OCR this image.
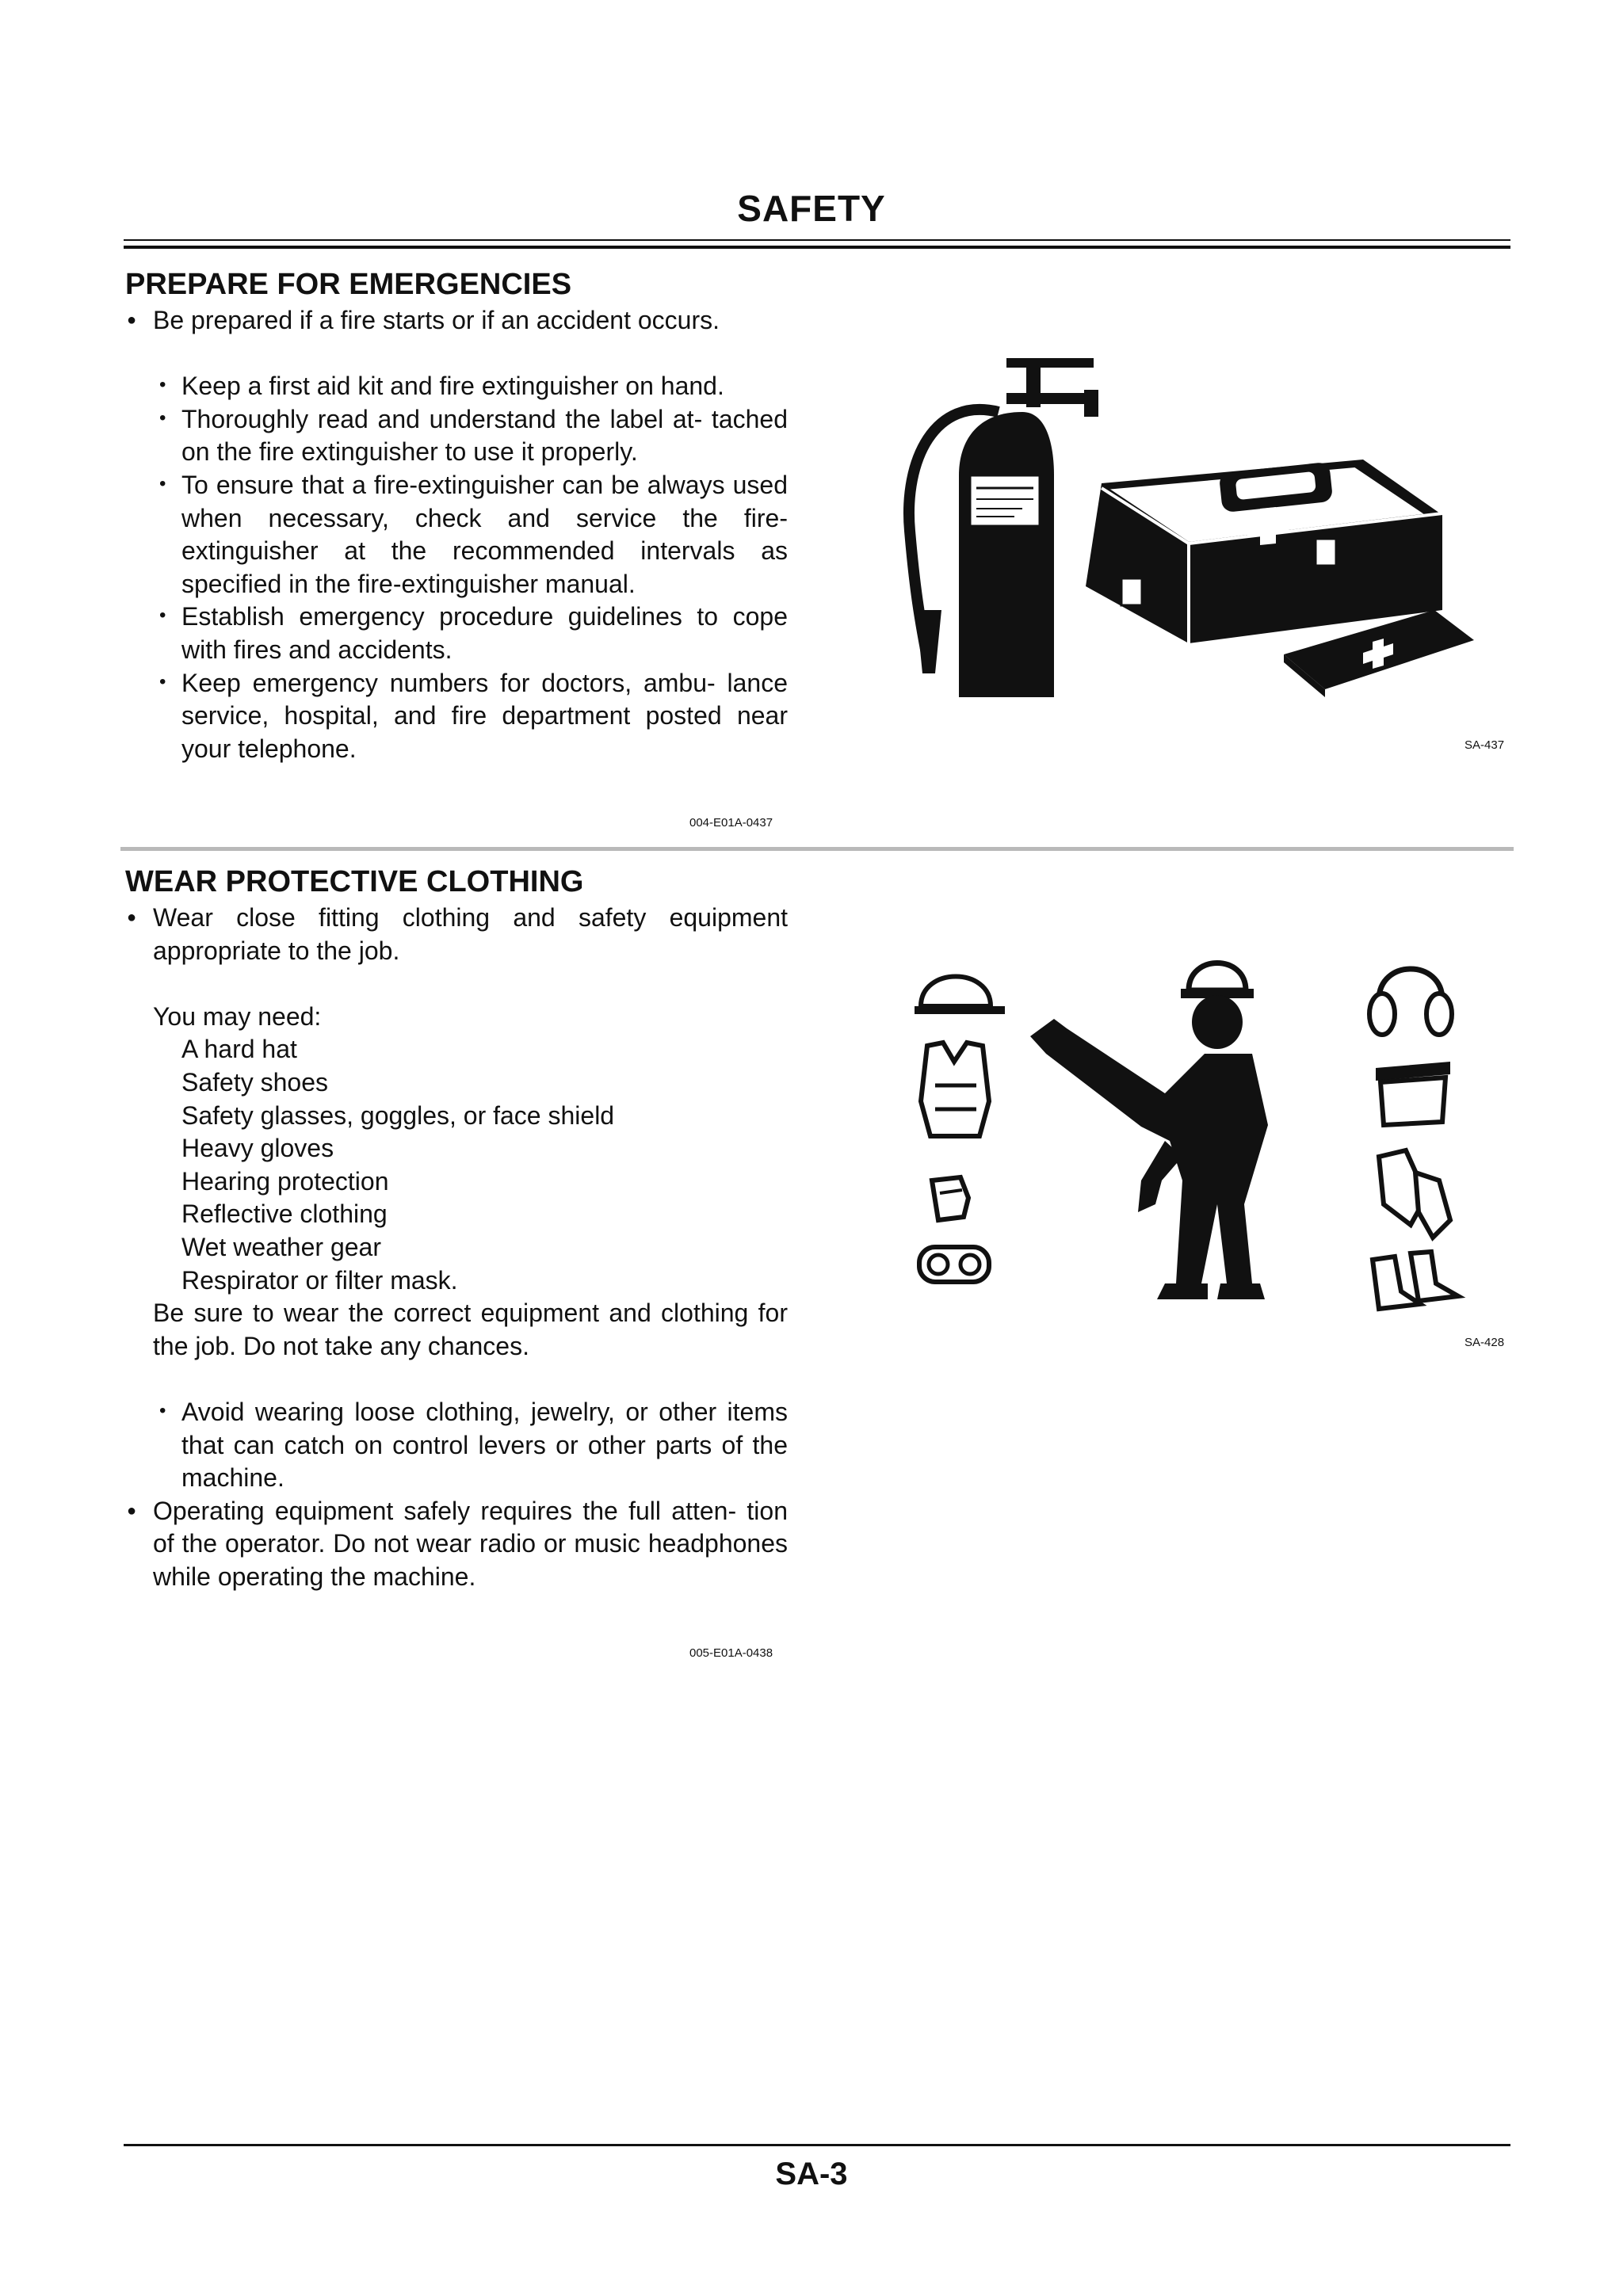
SAFETY
PREPARE FOR EMERGENCIES

● Be prepared if a fire starts or if an accident occurs.

• Keep a first aid kit and fire extinguisher on hand.

• Thoroughly read and understand the label at- tached on the fire extinguisher to use it properly.

• To ensure that a fire-extinguisher can be always used when necessary, check and service the fire-extinguisher at the recommended intervals as specified in the fire-extinguisher manual.

• Establish emergency procedure guidelines to cope with fires and accidents.

• Keep emergency numbers for doctors, ambu- lance service, hospital, and fire department posted near your telephone.	SA-437
004-E01A-0437
WEAR PROTECTIVE CLOTHING

● Wear close fitting clothing and safety equipment appropriate to the job.

You may need:

A hard hat

Safety shoes

Safety glasses, goggles, or face shield

Heavy gloves

Hearing protection

Reflective clothing

Wet weather gear

Respirator or filter mask.

Be sure to wear the correct equipment and clothing for the job. Do not take any chances.

• Avoid wearing loose clothing, jewelry, or other items that can catch on control levers or other parts of the machine.

● Operating equipment safely requires the full atten- tion of the operator. Do not wear radio or music headphones while operating the machine.

SA-428
005-E01A-0438
SA-3
